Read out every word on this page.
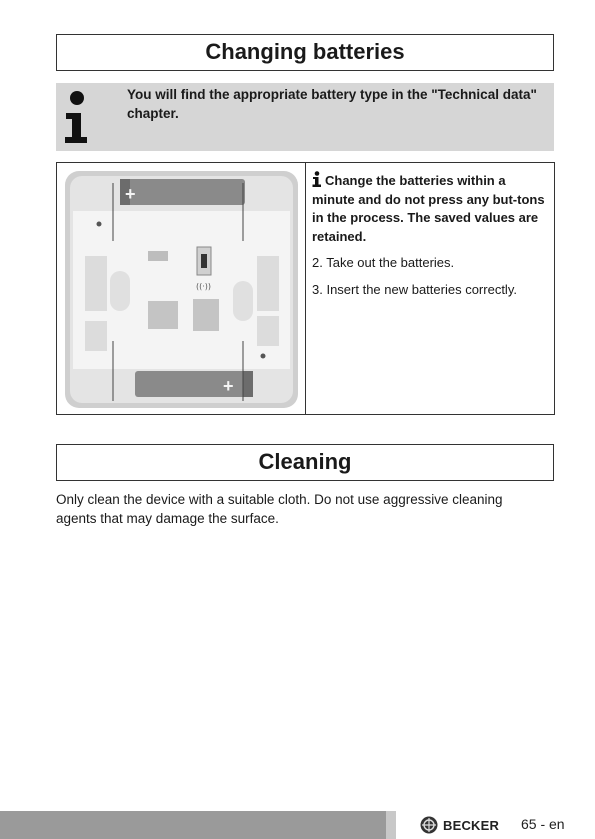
Changing batteries
You will find the appropriate battery type in the "Technical data" chapter.
+
+
((·))
Change the batteries within a minute and do not press any but-tons in the process. The saved values are retained.
2. Take out the batteries.
3. Insert the new batteries correctly.
Cleaning
Only clean the device with a suitable cloth. Do not use aggressive cleaning agents that may damage the surface.
BECKER 65 - en
